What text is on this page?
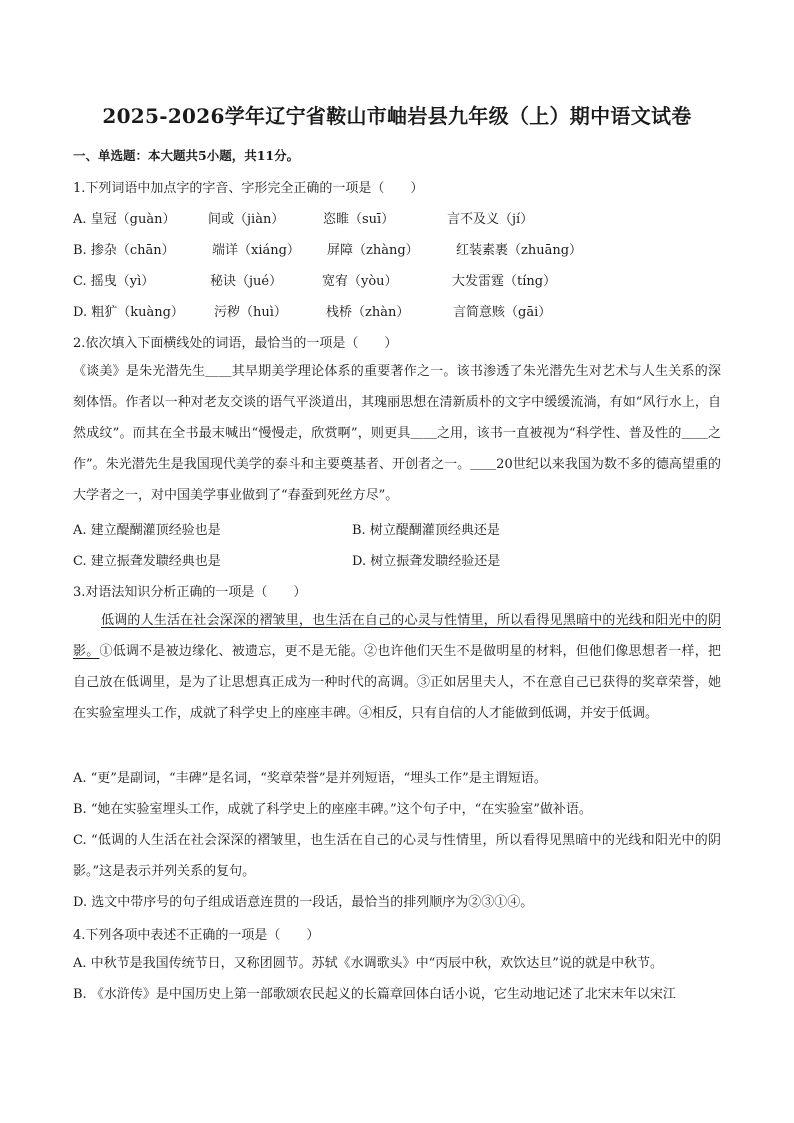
2025-2026学年辽宁省鞍山市岫岩县九年级（上）期中语文试卷
一、单选题：本大题共5小题，共11分。
1.下列词语中加点字的字音、字形完全正确的一项是（　　）
A. 皇冠（guàn）	间或（jiàn）	恣睢（suī）	言不及义（jí）
B. 掺杂（chān）	端详（xiáng） 屏障（zhàng）	红装素裹（zhuāng）
C. 摇曳（yì）	秘诀（jué）	宽宥（yòu）	大发雷霆（tíng）
D. 粗犷（kuàng） 污秽（huì）	栈桥（zhàn）	言简意赅（gāi）
2.依次填入下面横线处的词语，最恰当的一项是（　　）
《谈美》是朱光潜先生＿＿其早期美学理论体系的重要著作之一。该书渗透了朱光潜先生对艺术与人生关系的深刻体悟。作者以一种对老友交谈的语气平淡道出，其瑰丽思想在清新质朴的文字中缓缓流淌，有如“风行水上，自然成纹”。而其在全书最末喊出“慢慢走，欣赏啊”，则更具＿＿之用，该书一直被视为“科学性、普及性的＿＿之作”。朱光潜先生是我国现代美学的泰斗和主要奠基者、开创者之一。＿＿20世纪以来我国为数不多的德高望重的大学者之一，对中国美学事业做到了“春蚕到死丝方尽”。
A. 建立醍醐灌顶经验也是	B. 树立醍醐灌顶经典还是
C. 建立振聋发聩经典也是	D. 树立振聋发聩经验还是
3.对语法知识分析正确的一项是（　　）
低调的人生活在社会深深的褶皱里，也生活在自己的心灵与性情里，所以看得见黑暗中的光线和阳光中的阴影。①低调不是被边缘化、被遗忘，更不是无能。②也许他们天生不是做明星的材料，但他们像思想者一样，把自己放在低调里，是为了让思想真正成为一种时代的高调。③正如居里夫人，不在意自己已获得的奖章荣誉，她在实验室埋头工作，成就了科学史上的座座丰碑。④相反，只有自信的人才能做到低调，并安于低调。
A. “更”是副词，“丰碑”是名词，“奖章荣誉”是并列短语，“埋头工作”是主谓短语。
B. “她在实验室埋头工作，成就了科学史上的座座丰碑。”这个句子中，“在实验室”做补语。
C. “低调的人生活在社会深深的褶皱里，也生活在自己的心灵与性情里，所以看得见黑暗中的光线和阳光中的阴影。”这是表示并列关系的复句。
D. 选文中带序号的句子组成语意连贯的一段话，最恰当的排列顺序为②③①④。
4.下列各项中表述不正确的一项是（　　）
A. 中秋节是我国传统节日，又称团圆节。苏轼《水调歌头》中“丙辰中秋，欢饮达旦”说的就是中秋节。
B. 《水浒传》是中国历史上第一部歌颂农民起义的长篇章回体白话小说，它生动地记述了北宋末年以宋江
